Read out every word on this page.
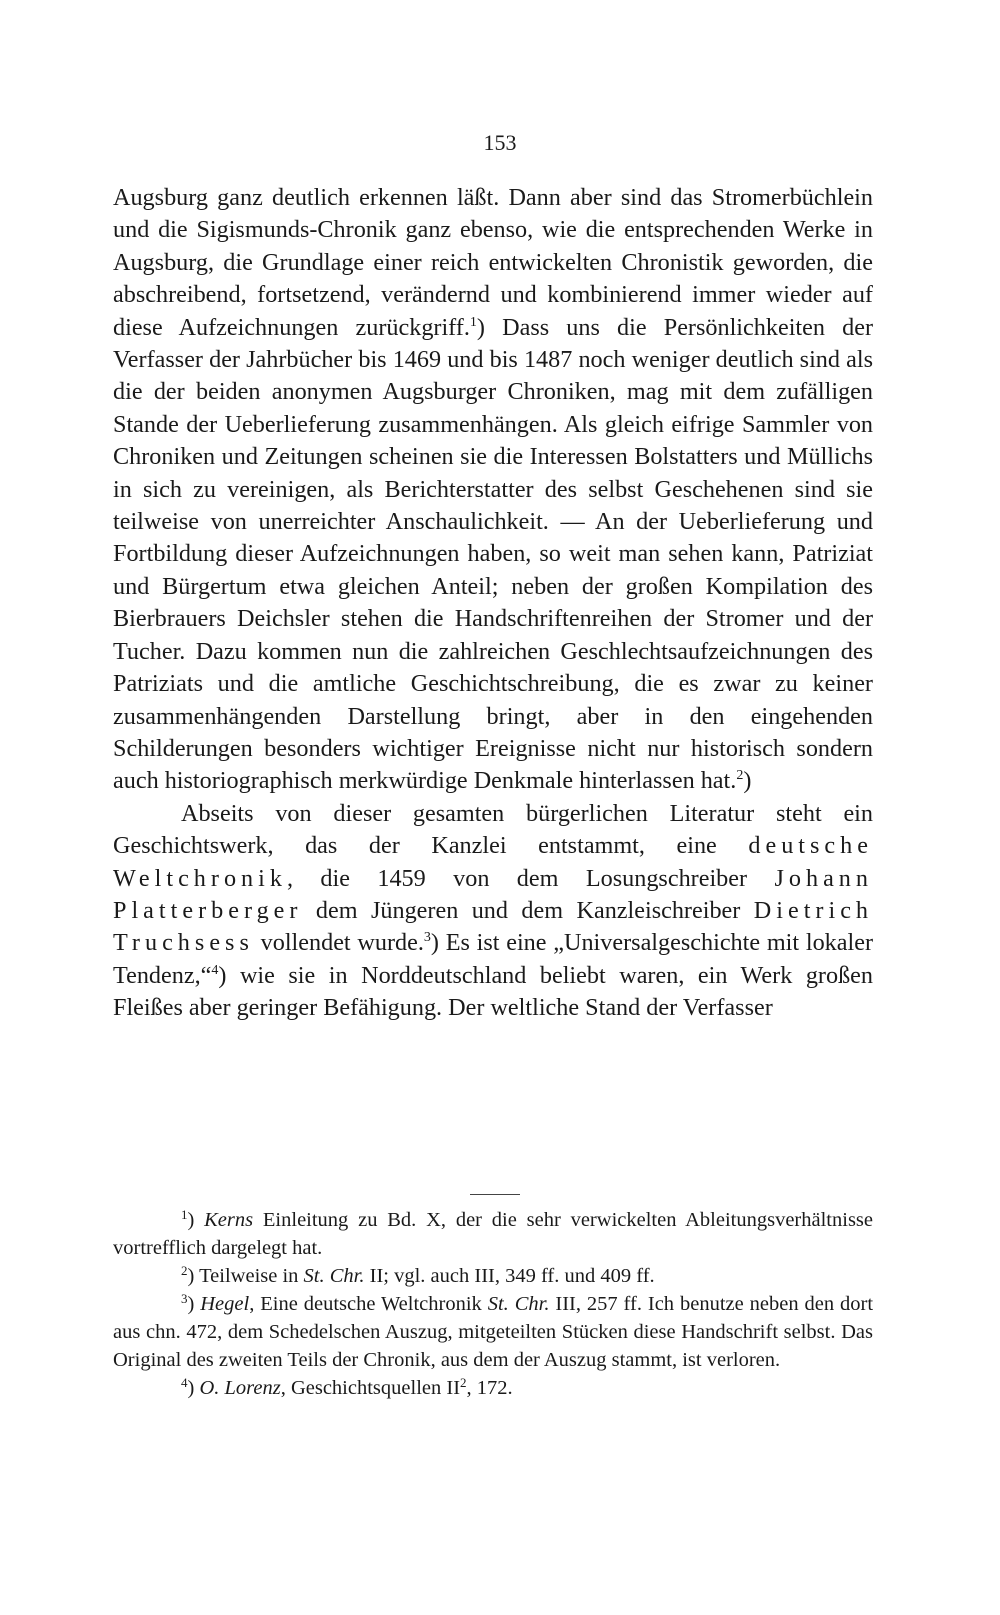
153

Augsburg ganz deutlich erkennen läßt. Dann aber sind das Stromerbüchlein und die Sigismunds-Chronik ganz ebenso, wie die entsprechenden Werke in Augsburg, die Grundlage einer reich entwickelten Chronistik geworden, die abschreibend, fortsetzend, verändernd und kombinierend immer wieder auf diese Aufzeichnungen zurückgriff.$^1$) Dass uns die Persönlichkeiten der Verfasser der Jahrbücher bis 1469 und bis 1487 noch weniger deutlich sind als die der beiden anonymen Augsburger Chroniken, mag mit dem zufälligen Stande der Ueberlieferung zusammenhängen. Als gleich eifrige Sammler von Chroniken und Zeitungen scheinen sie die Interessen Bolstatters und Müllichs in sich zu vereinigen, als Berichterstatter des selbst Geschehenen sind sie teilweise von unerreichter Anschaulichkeit. — An der Ueberlieferung und Fortbildung dieser Aufzeichnungen haben, so weit man sehen kann, Patriziat und Bürgertum etwa gleichen Anteil; neben der großen Kompilation des Bierbrauers Deichsler stehen die Handschriftenreihen der Stromer und der Tucher. Dazu kommen nun die zahlreichen Geschlechtsaufzeichnungen des Patriziats und die amtliche Geschichtschreibung, die es zwar zu keiner zusammenhängenden Darstellung bringt, aber in den eingehenden Schilderungen besonders wichtiger Ereignisse nicht nur historisch sondern auch historiographisch merkwürdige Denkmale hinterlassen hat.$^2$)

Abseits von dieser gesamten bürgerlichen Literatur steht ein Geschichtswerk, das der Kanzlei entstammt, eine deutsche Weltchronik, die 1459 von dem Losungschreiber Johann Platterberger dem Jüngeren und dem Kanzleischreiber Dietrich Truchsess vollendet wurde.$^3$) Es ist eine „Universalgeschichte mit lokaler Tendenz,“$^4$) wie sie in Norddeutschland beliebt waren, ein Werk großen Fleißes aber geringer Befähigung. Der weltliche Stand der Verfasser

$^1$) Kerns Einleitung zu Bd. X, der die sehr verwickelten Ableitungsverhältnisse vortrefflich dargelegt hat.

$^2$) Teilweise in St. Chr. II; vgl. auch III, 349 ff. und 409 ff.

$^3$) Hegel, Eine deutsche Weltchronik St. Chr. III, 257 ff. Ich benutze neben den dort aus chn. 472, dem Schedelschen Auszug, mitgeteilten Stücken diese Handschrift selbst. Das Original des zweiten Teils der Chronik, aus dem der Auszug stammt, ist verloren.

$^4$) O. Lorenz, Geschichtsquellen II$^2$, 172.
